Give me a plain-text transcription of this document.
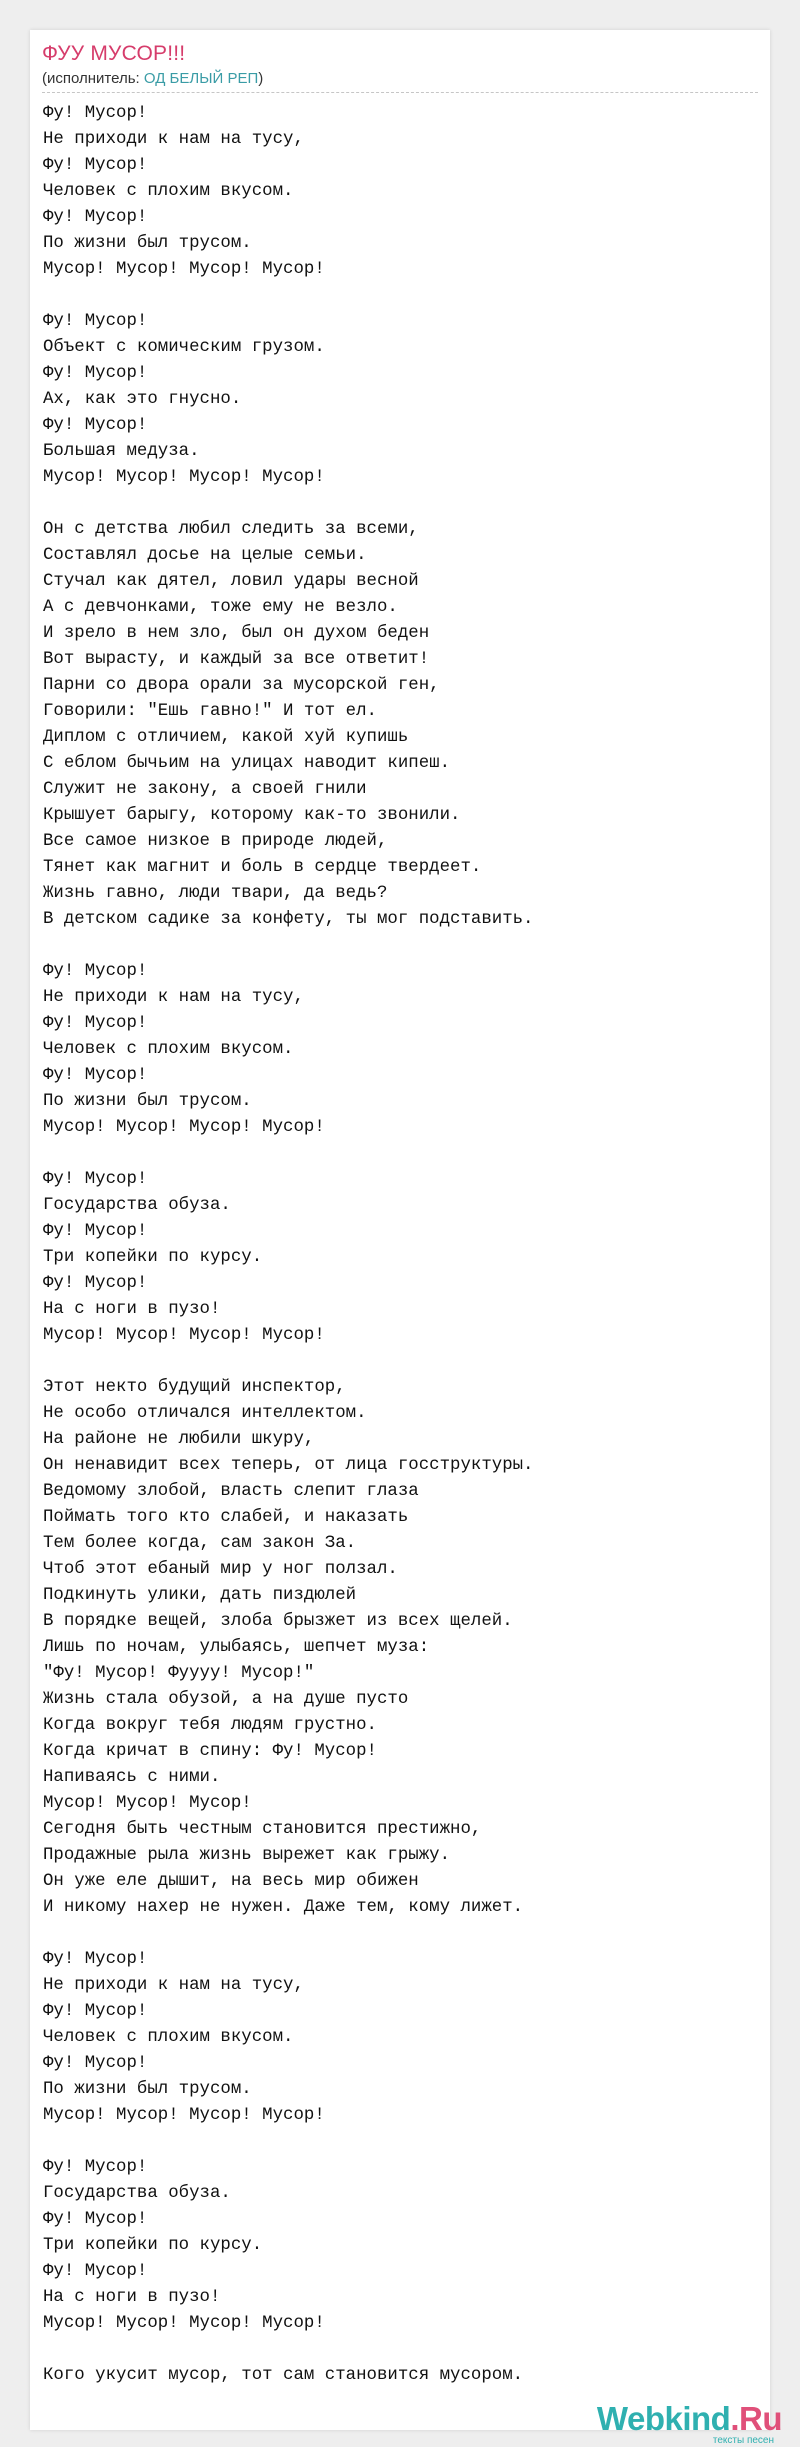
ФУУ МУСОР!!!
(исполнитель: ОД БЕЛЫЙ РЕП)
Фу! Мусор!
Не приходи к нам на тусу,
Фу! Мусор!
Человек с плохим вкусом.
Фу! Мусор!
По жизни был трусом.
Мусор! Мусор! Мусор! Мусор!

Фу! Мусор!
Объект с комическим грузом.
Фу! Мусор!
Ах, как это гнусно.
Фу! Мусор!
Большая медуза.
Мусор! Мусор! Мусор! Мусор!

Он с детства любил следить за всеми,
Составлял досье на целые семьи.
Стучал как дятел, ловил удары весной
А с девчонками, тоже ему не везло.
И зрело в нем зло, был он духом беден
Вот вырасту, и каждый за все ответит!
Парни со двора орали за мусорской ген,
Говорили: "Ешь гавно!" И тот ел.
Диплом с отличием, какой хуй купишь
С еблом бычьим на улицах наводит кипеш.
Служит не закону, а своей гнили
Крышует барыгу, которому как-то звонили.
Все самое низкое в природе людей,
Тянет как магнит и боль в сердце твердеет.
Жизнь гавно, люди твари, да ведь?
В детском садике за конфету, ты мог подставить.

Фу! Мусор!
Не приходи к нам на тусу,
Фу! Мусор!
Человек с плохим вкусом.
Фу! Мусор!
По жизни был трусом.
Мусор! Мусор! Мусор! Мусор!

Фу! Мусор!
Государства обуза.
Фу! Мусор!
Три копейки по курсу.
Фу! Мусор!
На с ноги в пузо!
Мусор! Мусор! Мусор! Мусор!

Этот некто будущий инспектор,
Не особо отличался интеллектом.
На районе не любили шкуру,
Он ненавидит всех теперь, от лица госструктуры.
Ведомому злобой, власть слепит глаза
Поймать того кто слабей, и наказать
Тем более когда, сам закон За.
Чтоб этот ебаный мир у ног ползал.
Подкинуть улики, дать пиздюлей
В порядке вещей, злоба брызжет из всех щелей.
Лишь по ночам, улыбаясь, шепчет муза:
"Фу! Мусор! Фуууу! Мусор!"
Жизнь стала обузой, а на душе пусто
Когда вокруг тебя людям грустно.
Когда кричат в спину: Фу! Мусор!
Напиваясь с ними.
Мусор! Мусор! Мусор!
Сегодня быть честным становится престижно,
Продажные рыла жизнь вырежет как грыжу.
Он уже еле дышит, на весь мир обижен
И никому нахер не нужен. Даже тем, кому лижет.

Фу! Мусор!
Не приходи к нам на тусу,
Фу! Мусор!
Человек с плохим вкусом.
Фу! Мусор!
По жизни был трусом.
Мусор! Мусор! Мусор! Мусор!

Фу! Мусор!
Государства обуза.
Фу! Мусор!
Три копейки по курсу.
Фу! Мусор!
На с ноги в пузо!
Мусор! Мусор! Мусор! Мусор!

Кого укусит мусор, тот сам становится мусором.
Webkind.Ru
тексты песен
